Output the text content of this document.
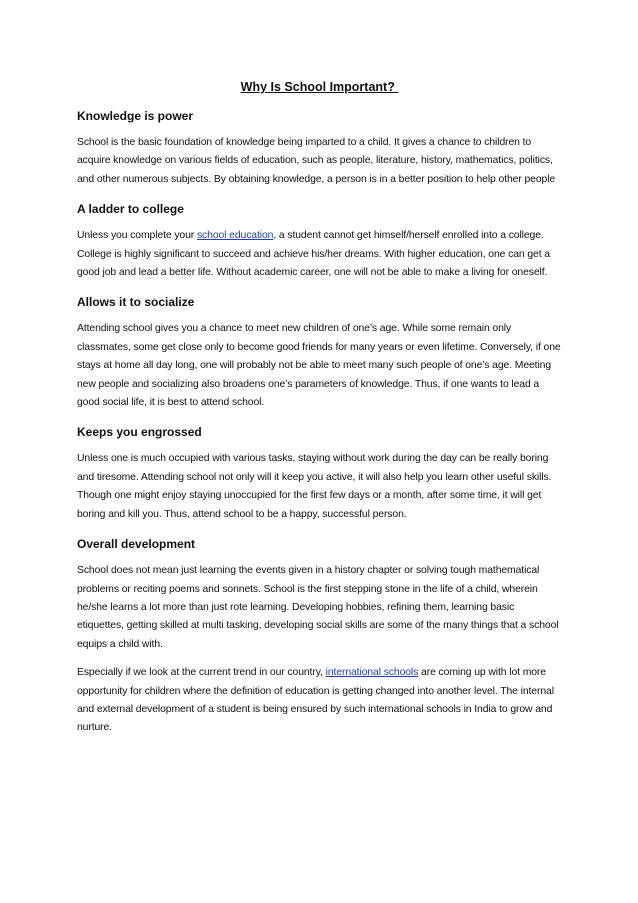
Why Is School Important?
Knowledge is power

School is the basic foundation of knowledge being imparted to a child. It gives a chance to children to acquire knowledge on various fields of education, such as people, literature, history, mathematics, politics, and other numerous subjects. By obtaining knowledge, a person is in a better position to help other people

A ladder to college

Unless you complete your school education, a student cannot get himself/herself enrolled into a college. College is highly significant to succeed and achieve his/her dreams. With higher education, one can get a good job and lead a better life. Without academic career, one will not be able to make a living for oneself.

Allows it to socialize

Attending school gives you a chance to meet new children of one’s age. While some remain only classmates, some get close only to become good friends for many years or even lifetime. Conversely, if one stays at home all day long, one will probably not be able to meet many such people of one’s age. Meeting new people and socializing also broadens one’s parameters of knowledge. Thus, if one wants to lead a good social life, it is best to attend school.

Keeps you engrossed

Unless one is much occupied with various tasks, staying without work during the day can be really boring and tiresome. Attending school not only will it keep you active, it will also help you learn other useful skills. Though one might enjoy staying unoccupied for the first few days or a month, after some time, it will get boring and kill you. Thus, attend school to be a happy, successful person.

Overall development

School does not mean just learning the events given in a history chapter or solving tough mathematical problems or reciting poems and sonnets. School is the first stepping stone in the life of a child, wherein he/she learns a lot more than just rote learning. Developing hobbies, refining them, learning basic etiquettes, getting skilled at multi tasking, developing social skills are some of the many things that a school equips a child with.

Especially if we look at the current trend in our country, international schools are coming up with lot more opportunity for children where the definition of education is getting changed into another level. The internal and external development of a student is being ensured by such international schools in India to grow and nurture.
